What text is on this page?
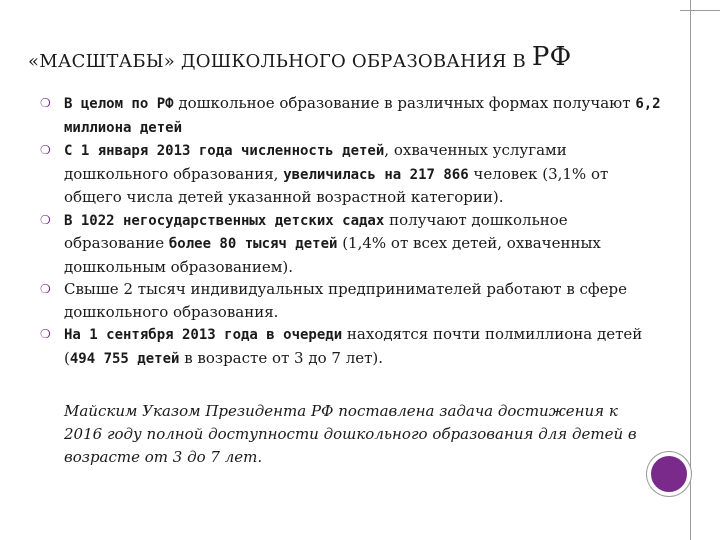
«МАСШТАБЫ» ДОШКОЛЬНОГО ОБРАЗОВАНИЯ В РФ
❍ В целом по РФ дошкольное образование в различных формах получают 6,2 миллиона детей
❍ С 1 января 2013 года численность детей, охваченных услугами дошкольного образования, увеличилась на 217 866 человек (3,1% от общего числа детей указанной возрастной категории).
❍ В 1022 негосударственных детских садах получают дошкольное образование более 80 тысяч детей (1,4% от всех детей, охваченных дошкольным образованием).
❍ Свыше 2 тысяч индивидуальных предпринимателей работают в сфере дошкольного образования.
❍ На 1 сентября 2013 года в очереди находятся почти полмиллиона детей (494 755 детей в возрасте от 3 до 7 лет).
Майским Указом Президента РФ поставлена задача достижения к 2016 году полной доступности дошкольного образования для детей в возрасте от 3 до 7 лет.
